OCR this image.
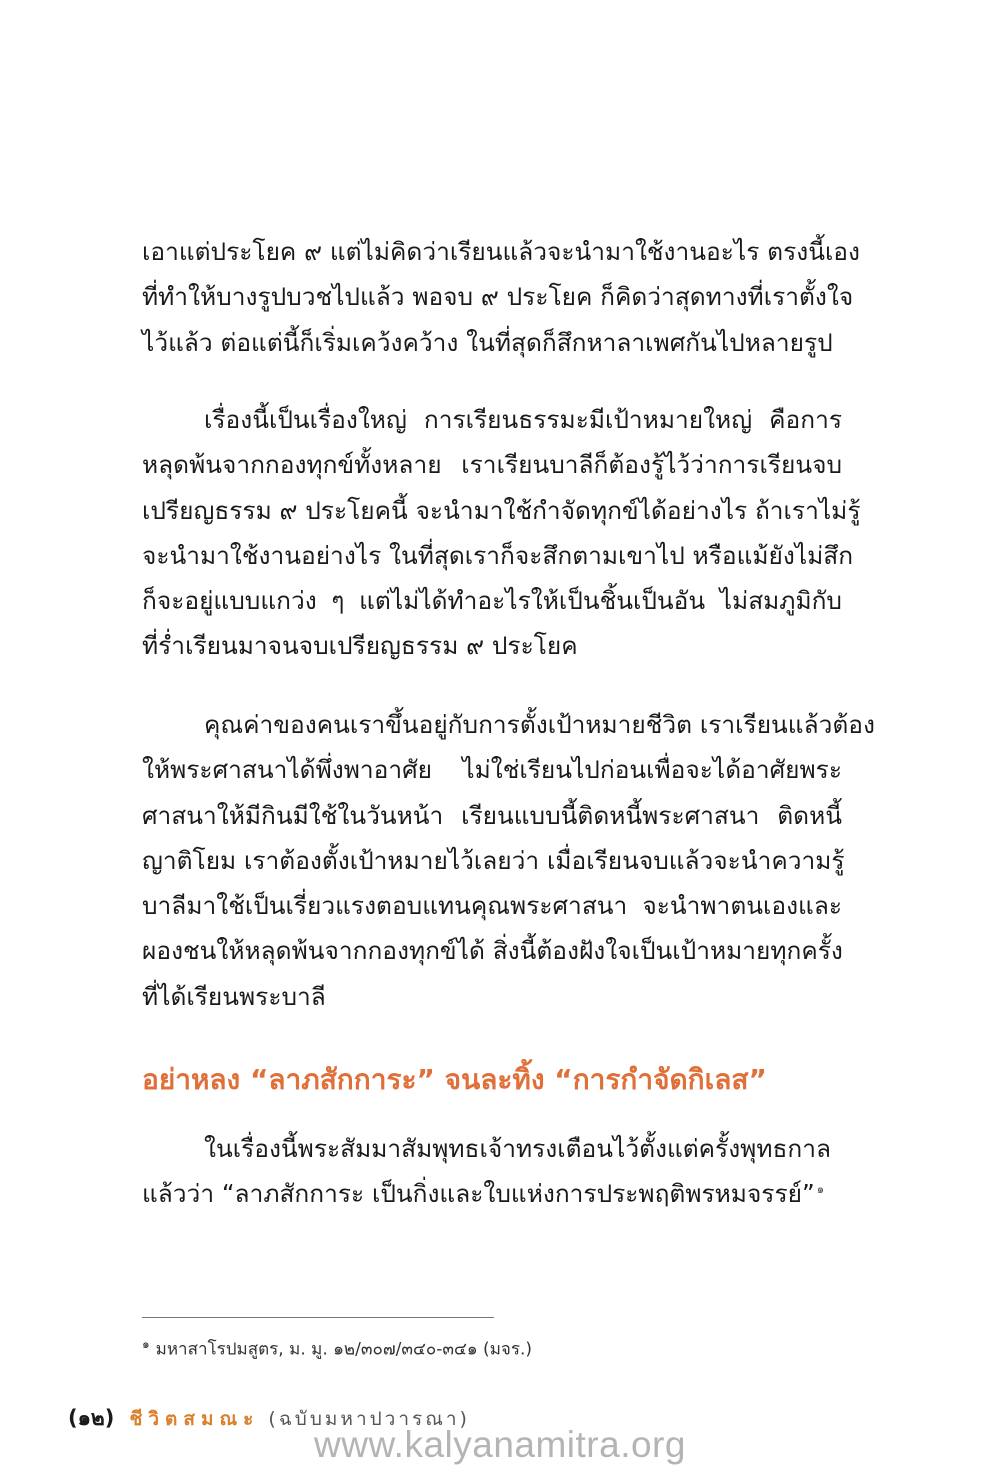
เอาแต่ประโยค ๙ แต่ไม่คิดว่าเรียนแล้วจะนำมาใช้งานอะไร ตรงนี้เอง
ที่ทำให้บางรูปบวชไปแล้ว พอจบ ๙ ประโยค ก็คิดว่าสุดทางที่เราตั้งใจ
ไว้แล้ว ต่อแต่นี้ก็เริ่มเคว้งคว้าง ในที่สุดก็สึกหาลาเพศกันไปหลายรูป
เรื่องนี้เป็นเรื่องใหญ่ การเรียนธรรมะมีเป้าหมายใหญ่ คือการ
หลุดพ้นจากกองทุกข์ทั้งหลาย เราเรียนบาลีก็ต้องรู้ไว้ว่าการเรียนจบ
เปรียญธรรม ๙ ประโยคนี้ จะนำมาใช้กำจัดทุกข์ได้อย่างไร ถ้าเราไม่รู้
จะนำมาใช้งานอย่างไร ในที่สุดเราก็จะสึกตามเขาไป หรือแม้ยังไม่สึก
ก็จะอยู่แบบแกว่ง ๆ แต่ไม่ได้ทำอะไรให้เป็นชิ้นเป็นอัน ไม่สมภูมิกับ
ที่ร่ำเรียนมาจนจบเปรียญธรรม ๙ ประโยค
คุณค่าของคนเราขึ้นอยู่กับการตั้งเป้าหมายชีวิต เราเรียนแล้วต้อง
ให้พระศาสนาได้พึ่งพาอาศัย ไม่ใช่เรียนไปก่อนเพื่อจะได้อาศัยพระ
ศาสนาให้มีกินมีใช้ในวันหน้า เรียนแบบนี้ติดหนี้พระศาสนา ติดหนี้
ญาติโยม เราต้องตั้งเป้าหมายไว้เลยว่า เมื่อเรียนจบแล้วจะนำความรู้
บาลีมาใช้เป็นเรี่ยวแรงตอบแทนคุณพระศาสนา จะนำพาตนเองและ
ผองชนให้หลุดพ้นจากกองทุกข์ได้ สิ่งนี้ต้องฝังใจเป็นเป้าหมายทุกครั้ง
ที่ได้เรียนพระบาลี
อย่าหลง “ลาภสักการะ” จนละทิ้ง “การกำจัดกิเลส”
ในเรื่องนี้พระสัมมาสัมพุทธเจ้าทรงเตือนไว้ตั้งแต่ครั้งพุทธกาล
แล้วว่า “ลาภสักการะ เป็นกิ่งและใบแห่งการประพฤติพรหมจรรย์” $^๑$
$^๑$ มหาสาโรปมสูตร, ม. มู. ๑๒/๓๐๗/๓๔๐-๓๔๑ (มจร.)
(๑๒) ชีวิตสมณะ (ฉบับมหาปวารณา)
www.kalyanamitra.org
